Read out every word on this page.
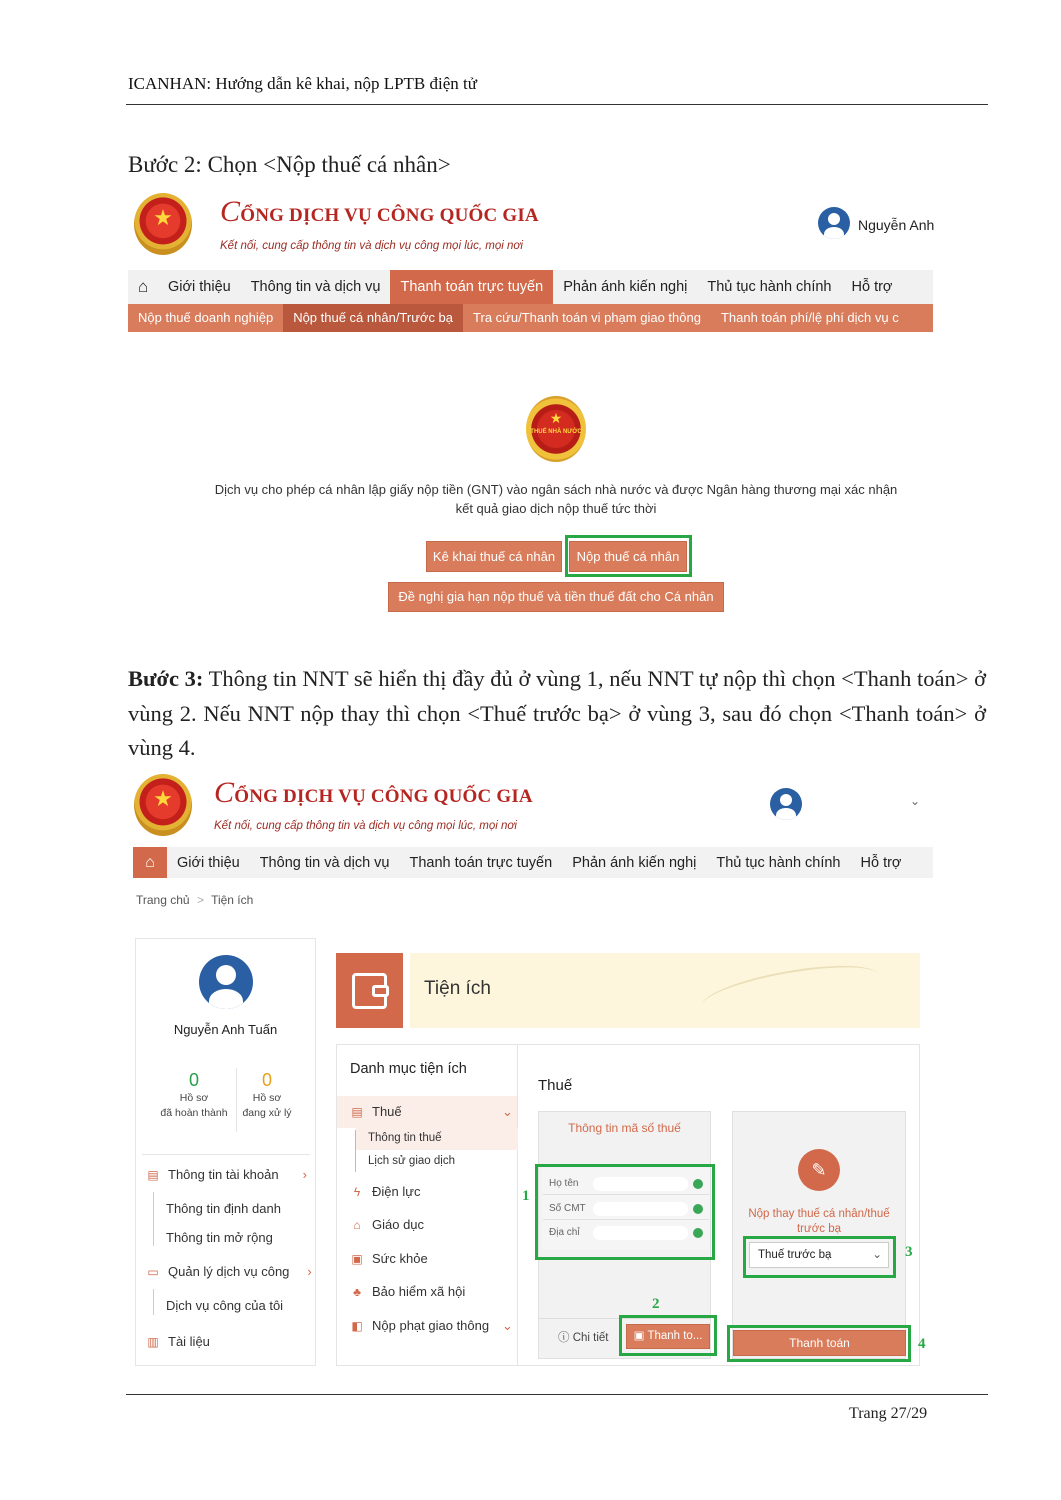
ICANHAN: Hướng dẫn kê khai, nộp LPTB điện tử
Bước 2: Chọn <Nộp thuế cá nhân>
★	CỔNG DỊCH VỤ CÔNG QUỐC GIA
Kết nối, cung cấp thông tin và dịch vụ công mọi lúc, mọi nơi
Nguyễn Anh
⌂	Giới thiệu	Thông tin và dịch vụ	Thanh toán trực tuyến	Phản ánh kiến nghị	Thủ tục hành chính	Hỗ trợ
Nộp thuế doanh nghiệp	Nộp thuế cá nhân/Trước bạ	Tra cứu/Thanh toán vi phạm giao thông	Thanh toán phí/lệ phí dịch vụ c
★
THUẾ NHÀ NƯỚC
Dịch vụ cho phép cá nhân lập giấy nộp tiền (GNT) vào ngân sách nhà nước và được Ngân hàng thương mại xác nhận
kết quả giao dịch nộp thuế tức thời
Kê khai thuế cá nhân	Nộp thuế cá nhân
Đề nghị gia hạn nộp thuế và tiền thuế đất cho Cá nhân
Bước 3: Thông tin NNT sẽ hiển thị đầy đủ ở vùng 1, nếu NNT tự nộp thì chọn <Thanh toán> ở vùng 2. Nếu NNT nộp thay thì chọn <Thuế trước bạ> ở vùng 3, sau đó chọn <Thanh toán> ở vùng 4.
★	CỔNG DỊCH VỤ CÔNG QUỐC GIA
Kết nối, cung cấp thông tin và dịch vụ công mọi lúc, mọi nơi
⌄
⌂	Giới thiệu	Thông tin và dịch vụ	Thanh toán trực tuyến	Phản ánh kiến nghị	Thủ tục hành chính	Hỗ trợ
Trang chủ > Tiện ích
Nguyễn Anh Tuấn
0
Hồ sơ
đã hoàn thành
0
Hồ sơ
đang xử lý
▤ Thông tin tài khoản ›
Thông tin định danh
Thông tin mở rộng
▭ Quản lý dịch vụ công ›
Dịch vụ công của tôi
▥ Tài liệu
Tiện ích
Danh mục tiện ích
▤ Thuế	⌄
Thông tin thuế
Lịch sử giao dịch
ϟ Điện lực
⌂ Giáo dục
▣ Sức khỏe
♣ Bảo hiểm xã hội
◧ Nộp phạt giao thông ⌄
Thuế
Thông tin mã số thuế
Họ tên
Số CMT
Địa chỉ
1
ⓘ Chi tiết	▣ Thanh to...
2
✎
Nộp thay thuế cá nhân/thuế trước bạ
Thuế trước bạ	⌄ 3
Thanh toán	4
Trang 27/29
